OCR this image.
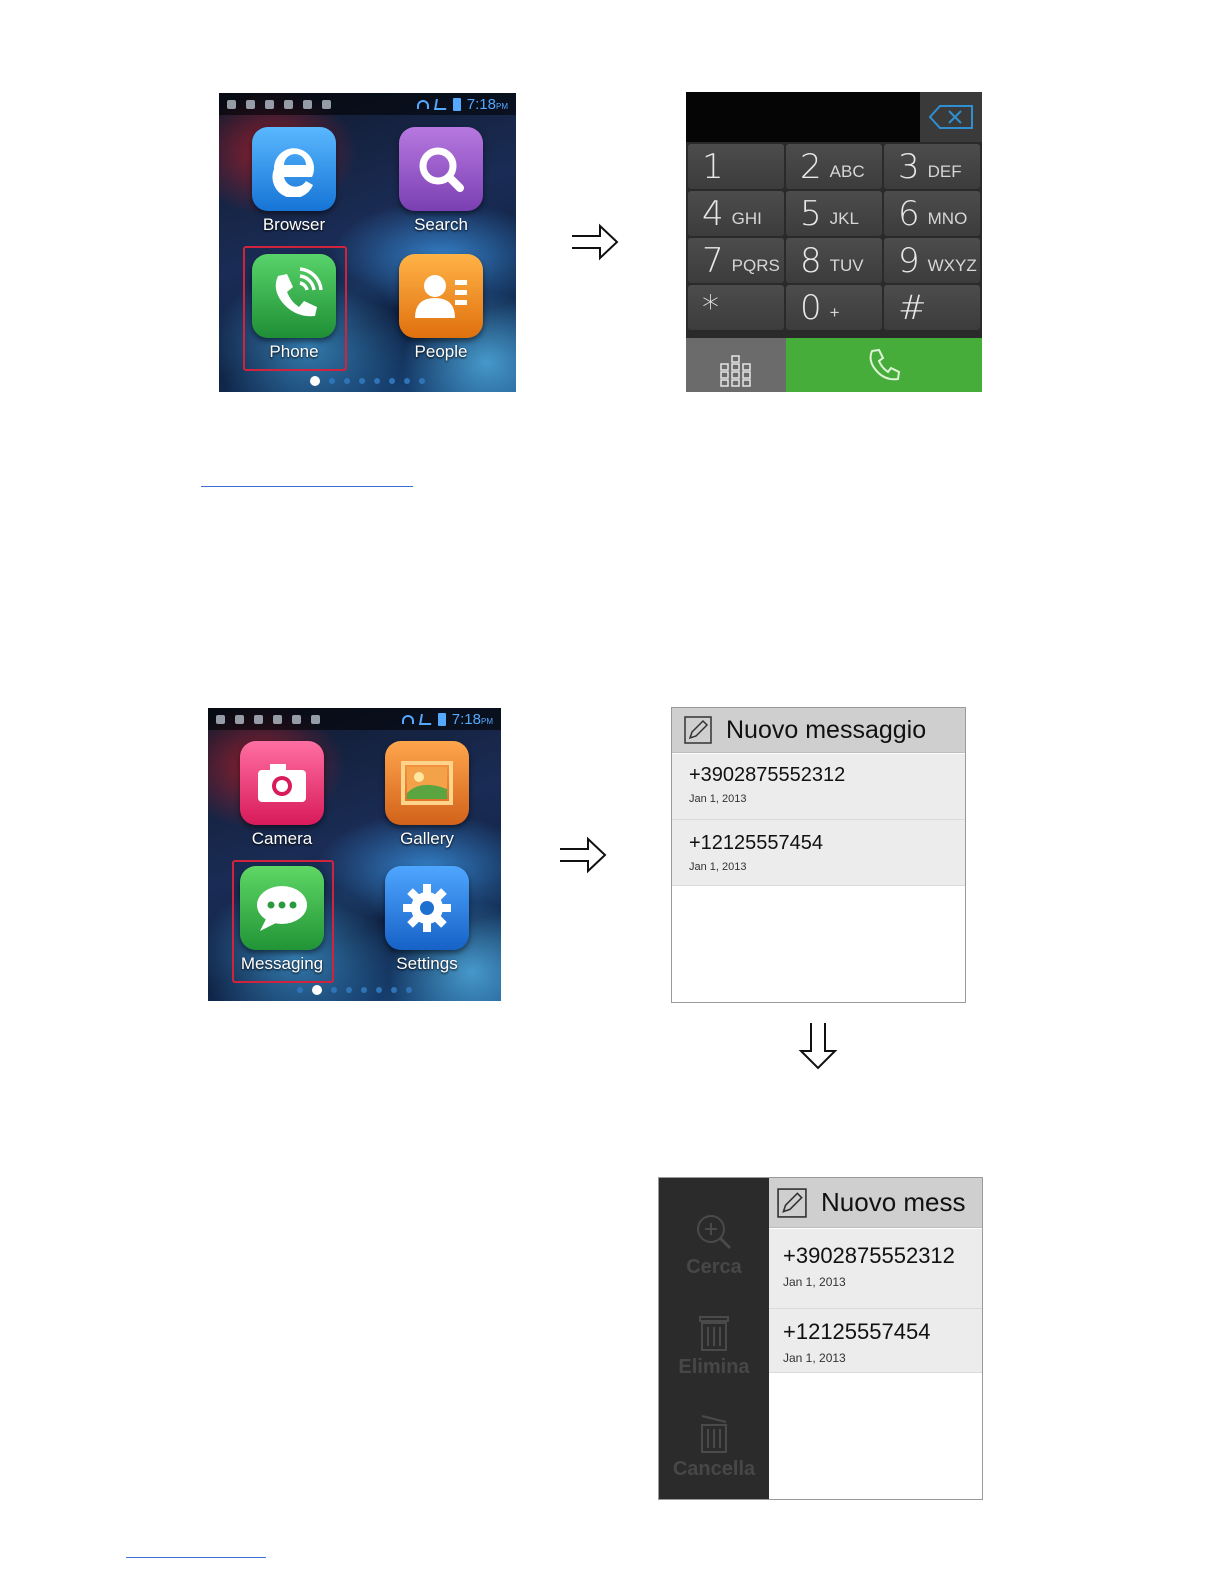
7:18PM
Browser	Search
Phone	People
1 2 ABC 3 DEF
4 GHI 5 JKL 6 MNO
7 PQRS 8 TUV 9 WXYZ
* 0 + #
7:18PM
Camera	Gallery
Messaging	Settings
Nuovo messaggio
+3902875552312
Jan 1, 2013
+12125557454
Jan 1, 2013
Cerca
Elimina
Cancella
Nuovo mess
+3902875552312
Jan 1, 2013
+12125557454
Jan 1, 2013
